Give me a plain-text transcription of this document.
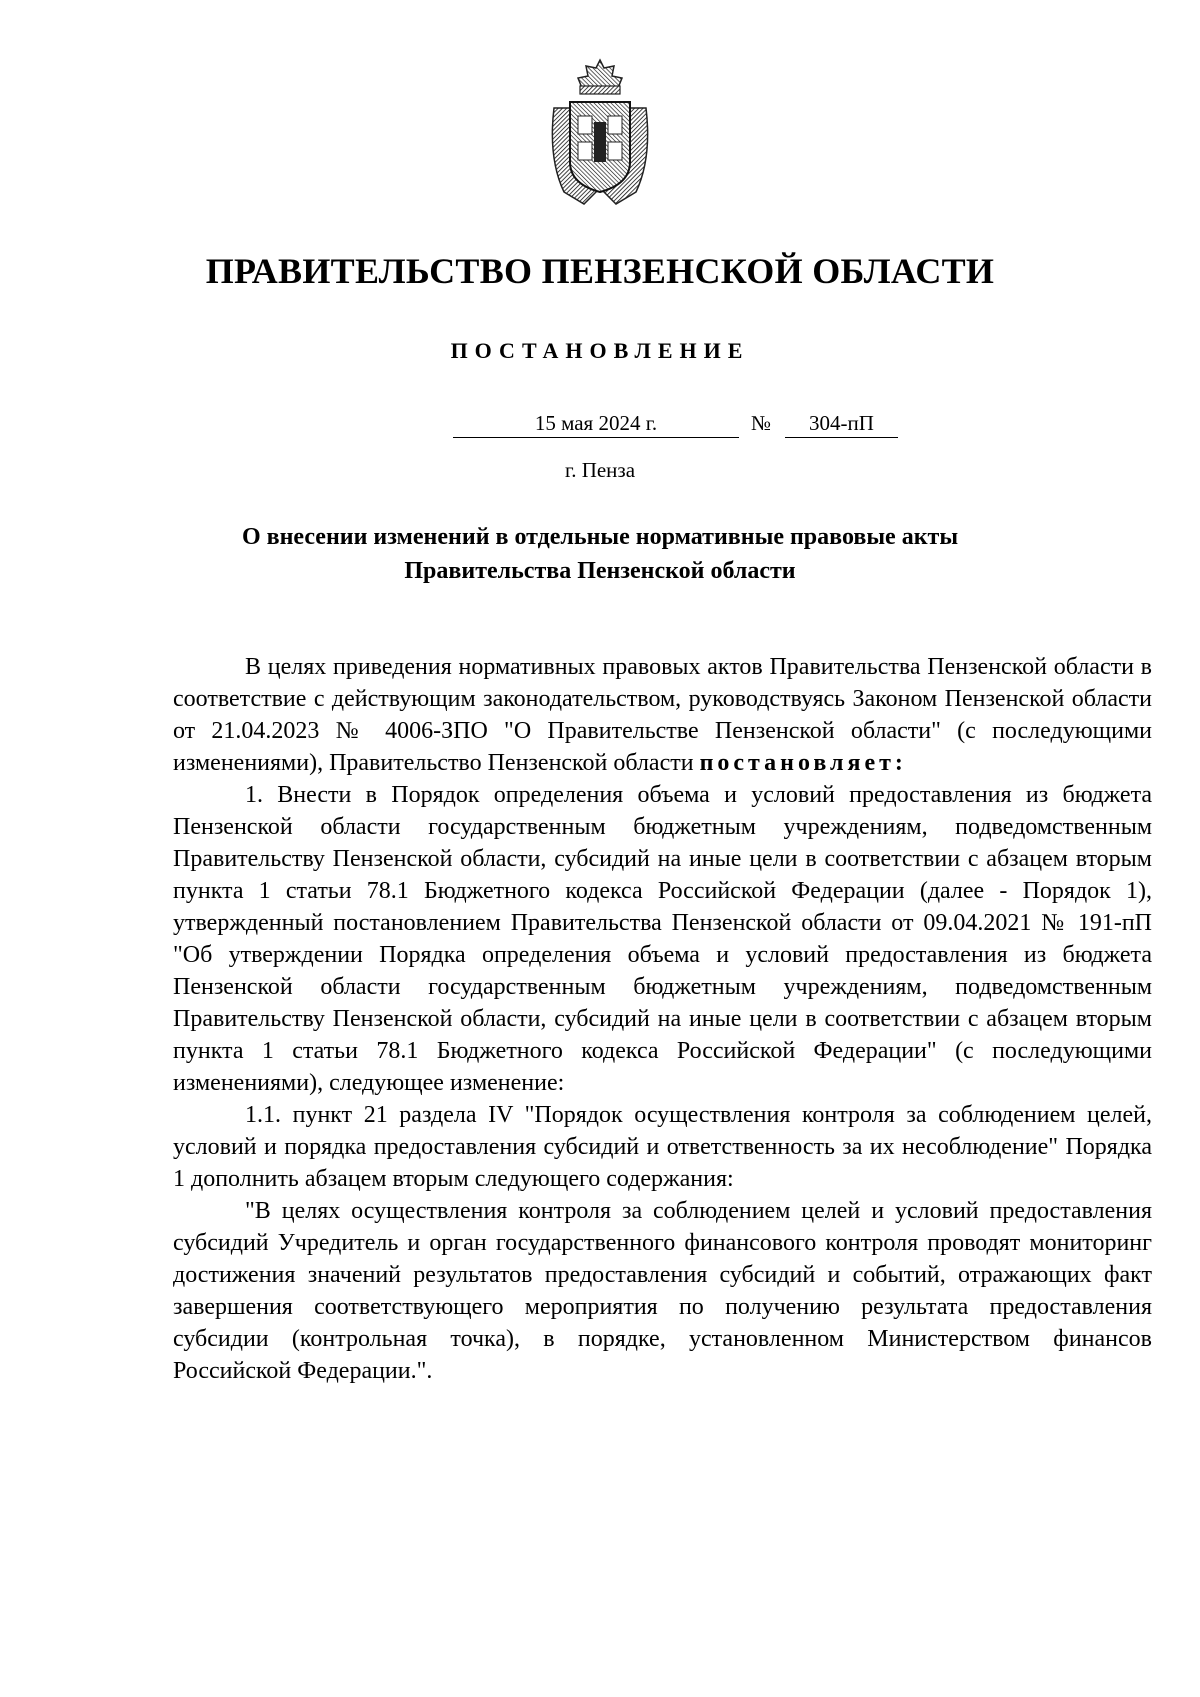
ПРАВИТЕЛЬСТВО ПЕНЗЕНСКОЙ ОБЛАСТИ
ПОСТАНОВЛЕНИЕ
15 мая 2024 г.	№	304-пП
г. Пенза
О внесении изменений в отдельные нормативные правовые акты
Правительства Пензенской области

В целях приведения нормативных правовых актов Правительства Пензенской области в соответствие с действующим законодательством, руководствуясь Законом Пензенской области от 21.04.2023 № 4006-ЗПО "О Правительстве Пензенской области" (с последующими изменениями), Правительство Пензенской области постановляет:

1. Внести в Порядок определения объема и условий предоставления из бюджета Пензенской области государственным бюджетным учреждениям, подведомственным Правительству Пензенской области, субсидий на иные цели в соответствии с абзацем вторым пункта 1 статьи 78.1 Бюджетного кодекса Российской Федерации (далее - Порядок 1), утвержденный постановлением Правительства Пензенской области от 09.04.2021 № 191-пП "Об утверждении Порядка определения объема и условий предоставления из бюджета Пензенской области государственным бюджетным учреждениям, подведомственным Правительству Пензенской области, субсидий на иные цели в соответствии с абзацем вторым пункта 1 статьи 78.1 Бюджетного кодекса Российской Федерации" (с последующими изменениями), следующее изменение:

1.1. пункт 21 раздела IV "Порядок осуществления контроля за соблюдением целей, условий и порядка предоставления субсидий и ответственность за их несоблюдение" Порядка 1 дополнить абзацем вторым следующего содержания:

"В целях осуществления контроля за соблюдением целей и условий предоставления субсидий Учредитель и орган государственного финансового контроля проводят мониторинг достижения значений результатов предоставления субсидий и событий, отражающих факт завершения соответствующего мероприятия по получению результата предоставления субсидии (контрольная точка), в порядке, установленном Министерством финансов Российской Федерации.".
